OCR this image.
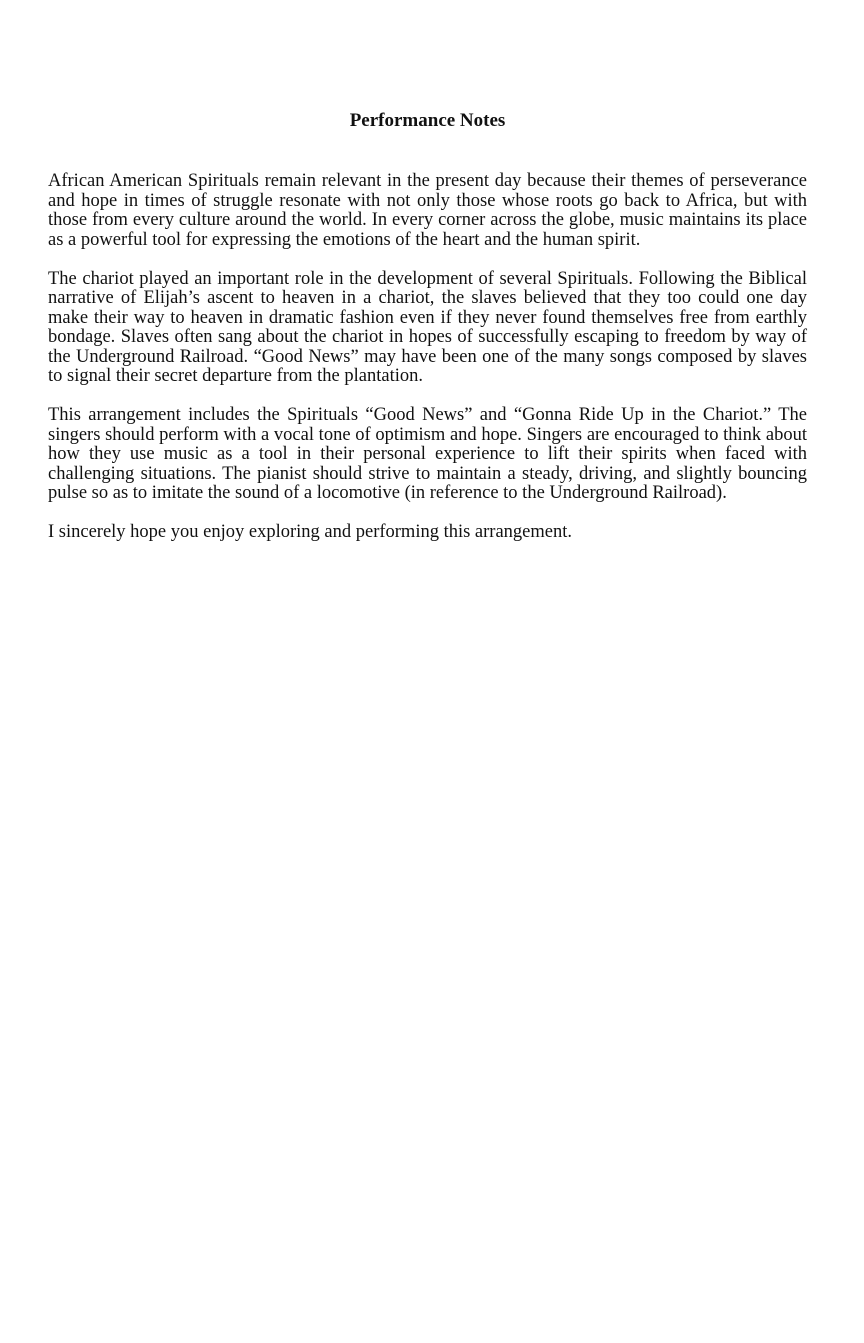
Performance Notes

African American Spirituals remain relevant in the present day because their themes of perseverance and hope in times of struggle resonate with not only those whose roots go back to Africa, but with those from every culture around the world. In every corner across the globe, music maintains its place as a powerful tool for expressing the emotions of the heart and the human spirit.

The chariot played an important role in the development of several Spirituals. Following the Biblical narrative of Elijah’s ascent to heaven in a chariot, the slaves believed that they too could one day make their way to heaven in dramatic fashion even if they never found themselves free from earthly bondage. Slaves often sang about the chariot in hopes of successfully escaping to freedom by way of the Underground Railroad. “Good News” may have been one of the many songs composed by slaves to signal their secret departure from the plantation.

This arrangement includes the Spirituals “Good News” and “Gonna Ride Up in the Chariot.” The singers should perform with a vocal tone of optimism and hope. Singers are encouraged to think about how they use music as a tool in their personal experience to lift their spirits when faced with challenging situations. The pianist should strive to maintain a steady, driving, and slightly bouncing pulse so as to imitate the sound of a locomotive (in reference to the Underground Railroad).

I sincerely hope you enjoy exploring and performing this arrangement.
